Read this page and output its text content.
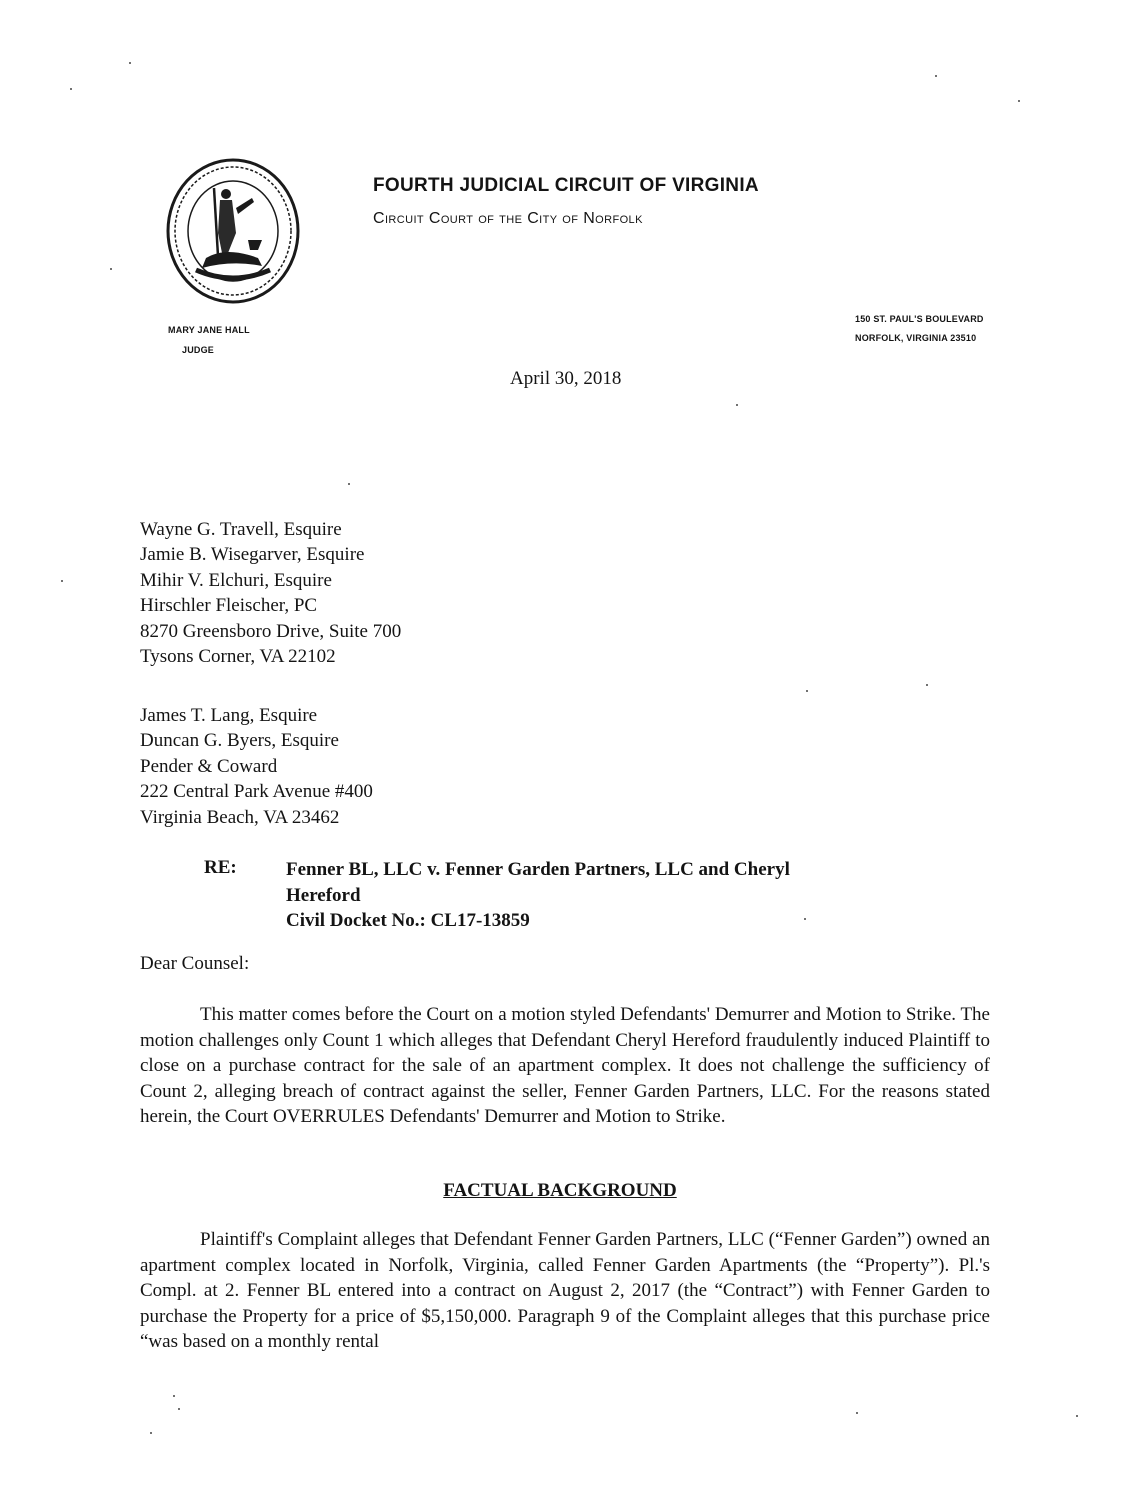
FOURTH JUDICIAL CIRCUIT OF VIRGINIA
Circuit Court of the City of Norfolk
MARY JANE HALL
JUDGE
150 ST. PAUL'S BOULEVARD
NORFOLK, VIRGINIA 23510
April 30, 2018
Wayne G. Travell, Esquire
Jamie B. Wisegarver, Esquire
Mihir V. Elchuri, Esquire
Hirschler Fleischer, PC
8270 Greensboro Drive, Suite 700
Tysons Corner, VA 22102
James T. Lang, Esquire
Duncan G. Byers, Esquire
Pender & Coward
222 Central Park Avenue #400
Virginia Beach, VA 23462
RE:	Fenner BL, LLC v. Fenner Garden Partners, LLC and Cheryl
Hereford
Civil Docket No.: CL17-13859
Dear Counsel:
This matter comes before the Court on a motion styled Defendants' Demurrer and Motion to Strike. The motion challenges only Count 1 which alleges that Defendant Cheryl Hereford fraudulently induced Plaintiff to close on a purchase contract for the sale of an apartment complex. It does not challenge the sufficiency of Count 2, alleging breach of contract against the seller, Fenner Garden Partners, LLC. For the reasons stated herein, the Court OVERRULES Defendants' Demurrer and Motion to Strike.
FACTUAL BACKGROUND
Plaintiff's Complaint alleges that Defendant Fenner Garden Partners, LLC (“Fenner Garden”) owned an apartment complex located in Norfolk, Virginia, called Fenner Garden Apartments (the “Property”). Pl.'s Compl. at 2. Fenner BL entered into a contract on August 2, 2017 (the “Contract”) with Fenner Garden to purchase the Property for a price of $5,150,000. Paragraph 9 of the Complaint alleges that this purchase price “was based on a monthly rental
